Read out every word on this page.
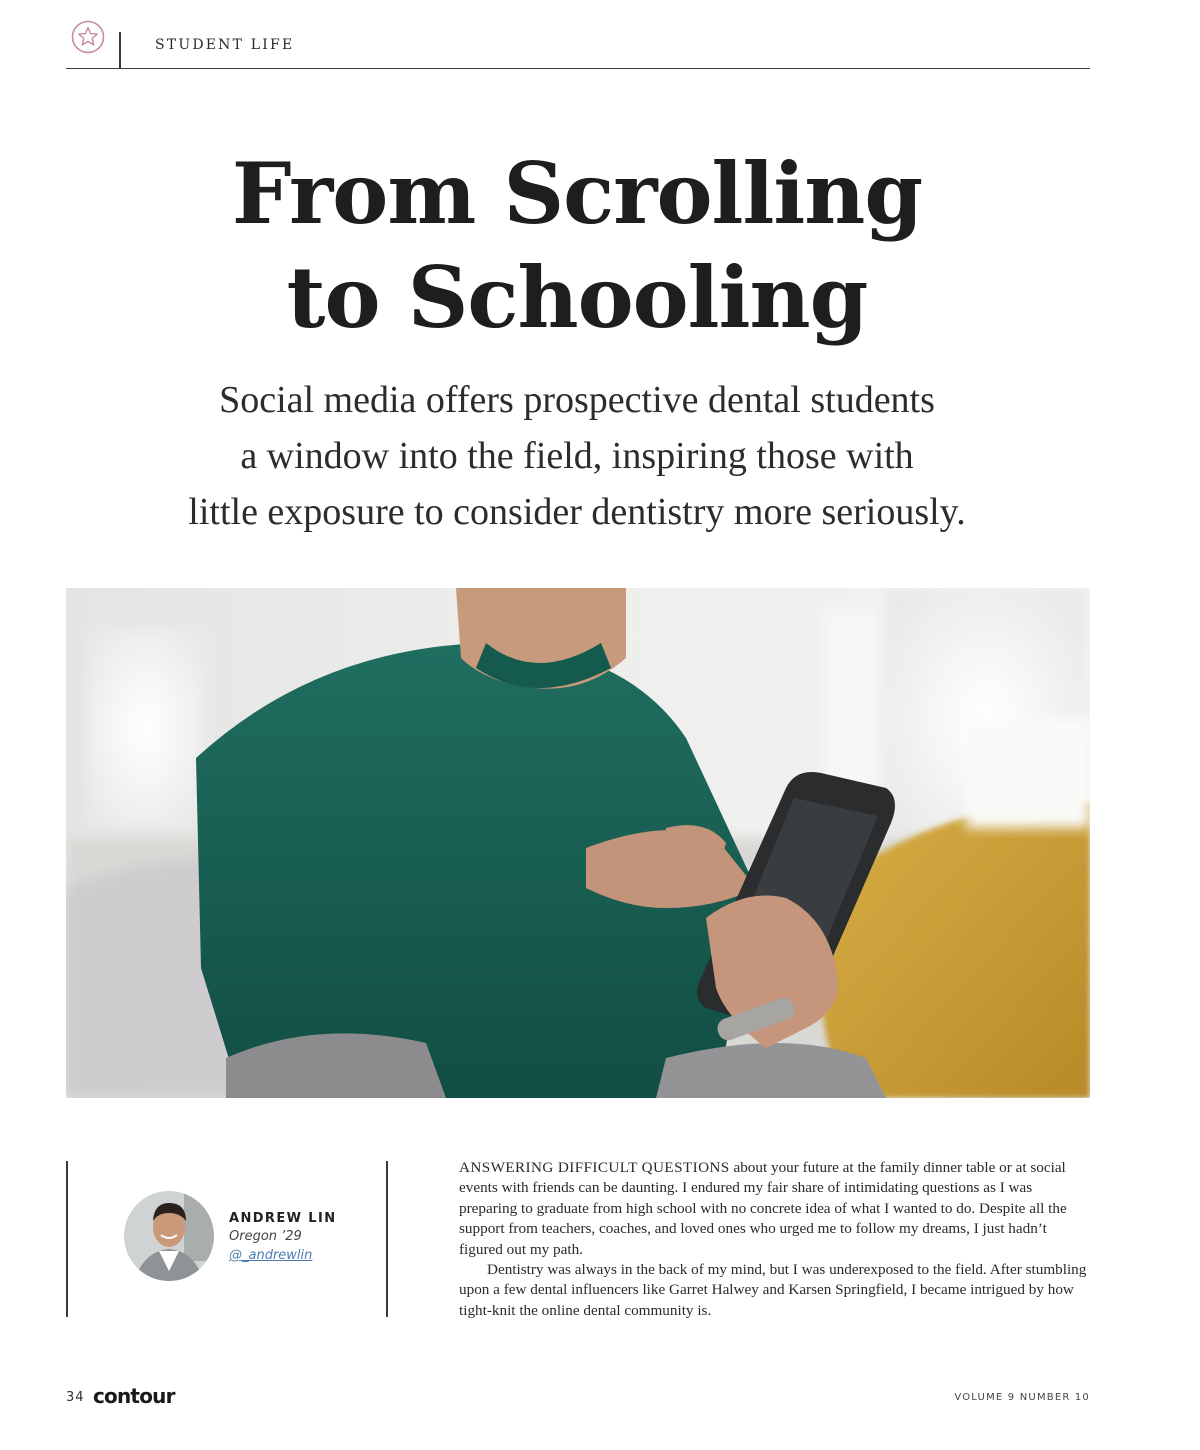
STUDENT LIFE
From Scrolling
to Schooling

Social media offers prospective dental students
a window into the field, inspiring those with
little exposure to consider dentistry more seriously.

ANDREW LIN
Oregon ’29
@_andrewlin

ANSWERING DIFFICULT QUESTIONS about your future at the family dinner table or at social events with friends can be daunting. I endured my fair share of intimidating questions as I was preparing to graduate from high school with no concrete idea of what I wanted to do. Despite all the support from teachers, coaches, and loved ones who urged me to follow my dreams, I just hadn’t figured out my path.

Dentistry was always in the back of my mind, but I was underexposed to the field. After stumbling upon a few dental influencers like Garret Halwey and Karsen Springfield, I became intrigued by how tight-knit the online dental community is.

34 contour	VOLUME 9 NUMBER 10
